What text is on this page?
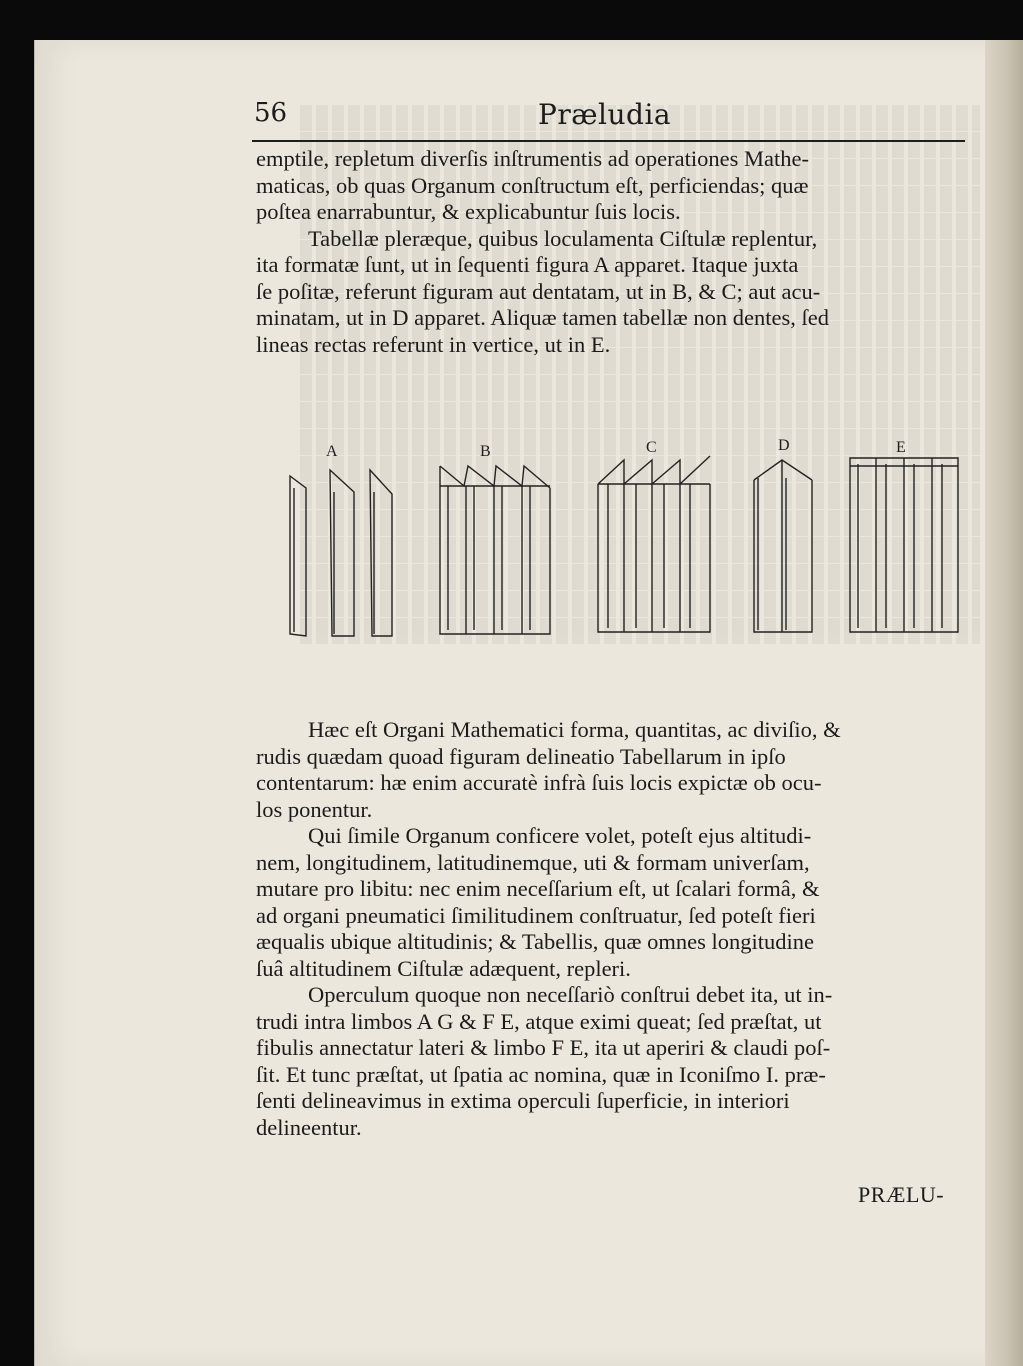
56	Præludia

emptile, repletum diverſis inſtrumentis ad operationes Mathe-
maticas, ob quas Organum conſtructum eſt, perficiendas; quæ
poſtea enarrabuntur, & explicabuntur ſuis locis.

Tabellæ pleræque, quibus loculamenta Ciſtulæ replentur,
ita formatæ ſunt, ut in ſequenti figura A apparet. Itaque juxta
ſe poſitæ, referunt figuram aut dentatam, ut in B, & C; aut acu-
minatam, ut in D apparet. Aliquæ tamen tabellæ non dentes, ſed
lineas rectas referunt in vertice, ut in E.

A	B	C	D	E

Hæc eſt Organi Mathematici forma, quantitas, ac diviſio, &
rudis quædam quoad figuram delineatio Tabellarum in ipſo
contentarum: hæ enim accuratè infrà ſuis locis expictæ ob ocu-
los ponentur.

Qui ſimile Organum conficere volet, poteſt ejus altitudi-
nem, longitudinem, latitudinemque, uti & formam univerſam,
mutare pro libitu: nec enim neceſſarium eſt, ut ſcalari formâ, &
ad organi pneumatici ſimilitudinem conſtruatur, ſed poteſt fieri
æqualis ubique altitudinis; & Tabellis, quæ omnes longitudine
ſuâ altitudinem Ciſtulæ adæquent, repleri.

Operculum quoque non neceſſariò conſtrui debet ita, ut in-
trudi intra limbos A G & F E, atque eximi queat; ſed præſtat, ut
fibulis annectatur lateri & limbo F E, ita ut aperiri & claudi poſ-
ſit. Et tunc præſtat, ut ſpatia ac nomina, quæ in Iconiſmo I. præ-
ſenti delineavimus in extima operculi ſuperficie, in interiori
delineentur.

PRÆLU-
